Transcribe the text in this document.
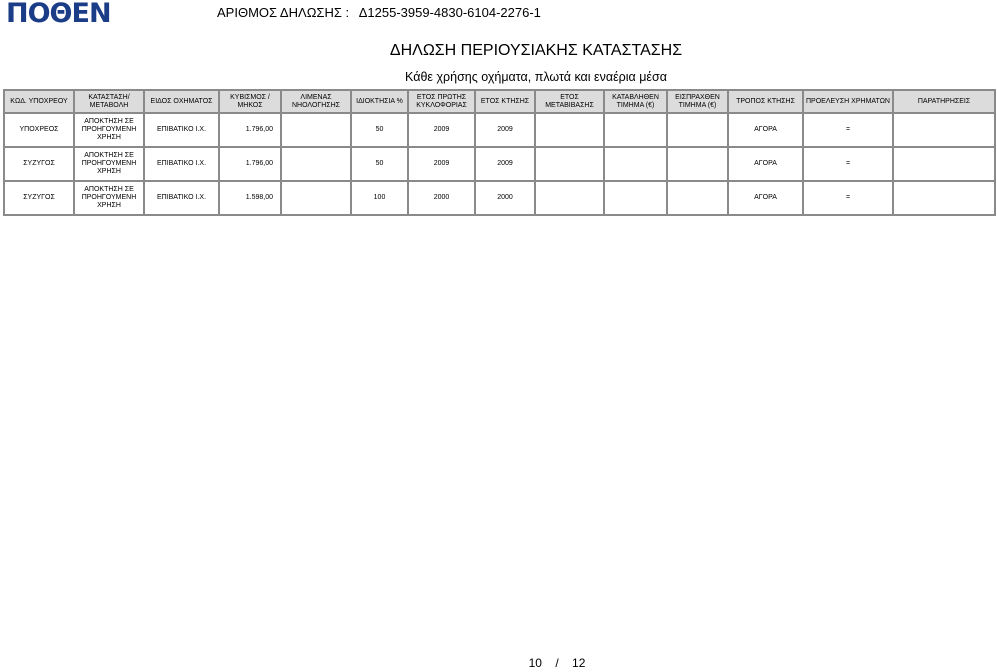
ΠΟΘΕΝ	ΑΡΙΘΜΟΣ ΔΗΛΩΣΗΣ : Δ1255-3959-4830-6104-2276-1
ΔΗΛΩΣΗ ΠΕΡΙΟΥΣΙΑΚΗΣ ΚΑΤΑΣΤΑΣΗΣ
Κάθε χρήσης οχήματα, πλωτά και εναέρια μέσα
ΚΩΔ. ΥΠΟΧΡΕΟΥ	ΚΑΤΑΣΤΑΣΗ/ ΜΕΤΑΒΟΛΗ	ΕΙΔΟΣ ΟΧΗΜΑΤΟΣ	ΚΥΒΙΣΜΟΣ / ΜΗΚΟΣ	ΛΙΜΕΝΑΣ ΝΗΟΛΟΓΗΣΗΣ	ΙΔΙΟΚΤΗΣΙΑ %	ΕΤΟΣ ΠΡΩΤΗΣ ΚΥΚΛΟΦΟΡΙΑΣ	ΕΤΟΣ ΚΤΗΣΗΣ	ΕΤΟΣ ΜΕΤΑΒΙΒΑΣΗΣ	ΚΑΤΑΒΛΗΘΕΝ ΤΙΜΗΜΑ (€)	ΕΙΣΠΡΑΧΘΕΝ ΤΙΜΗΜΑ (€)	ΤΡΟΠΟΣ ΚΤΗΣΗΣ	ΠΡΟΕΛΕΥΣΗ ΧΡΗΜΑΤΩΝ	ΠΑΡΑΤΗΡΗΣΕΙΣ
ΥΠΟΧΡΕΟΣ	ΑΠΟΚΤΗΣΗ ΣΕ ΠΡΟΗΓΟΥΜΕΝΗ ΧΡΗΣΗ	ΕΠΙΒΑΤΙΚΟ Ι.Χ.	1.796,00		50	2009	2009				ΑΓΟΡΑ	=	
ΣΥΖΥΓΟΣ	ΑΠΟΚΤΗΣΗ ΣΕ ΠΡΟΗΓΟΥΜΕΝΗ ΧΡΗΣΗ	ΕΠΙΒΑΤΙΚΟ Ι.Χ.	1.796,00		50	2009	2009				ΑΓΟΡΑ	=	
ΣΥΖΥΓΟΣ	ΑΠΟΚΤΗΣΗ ΣΕ ΠΡΟΗΓΟΥΜΕΝΗ ΧΡΗΣΗ	ΕΠΙΒΑΤΙΚΟ Ι.Χ.	1.598,00		100	2000	2000				ΑΓΟΡΑ	=	
10 / 12
